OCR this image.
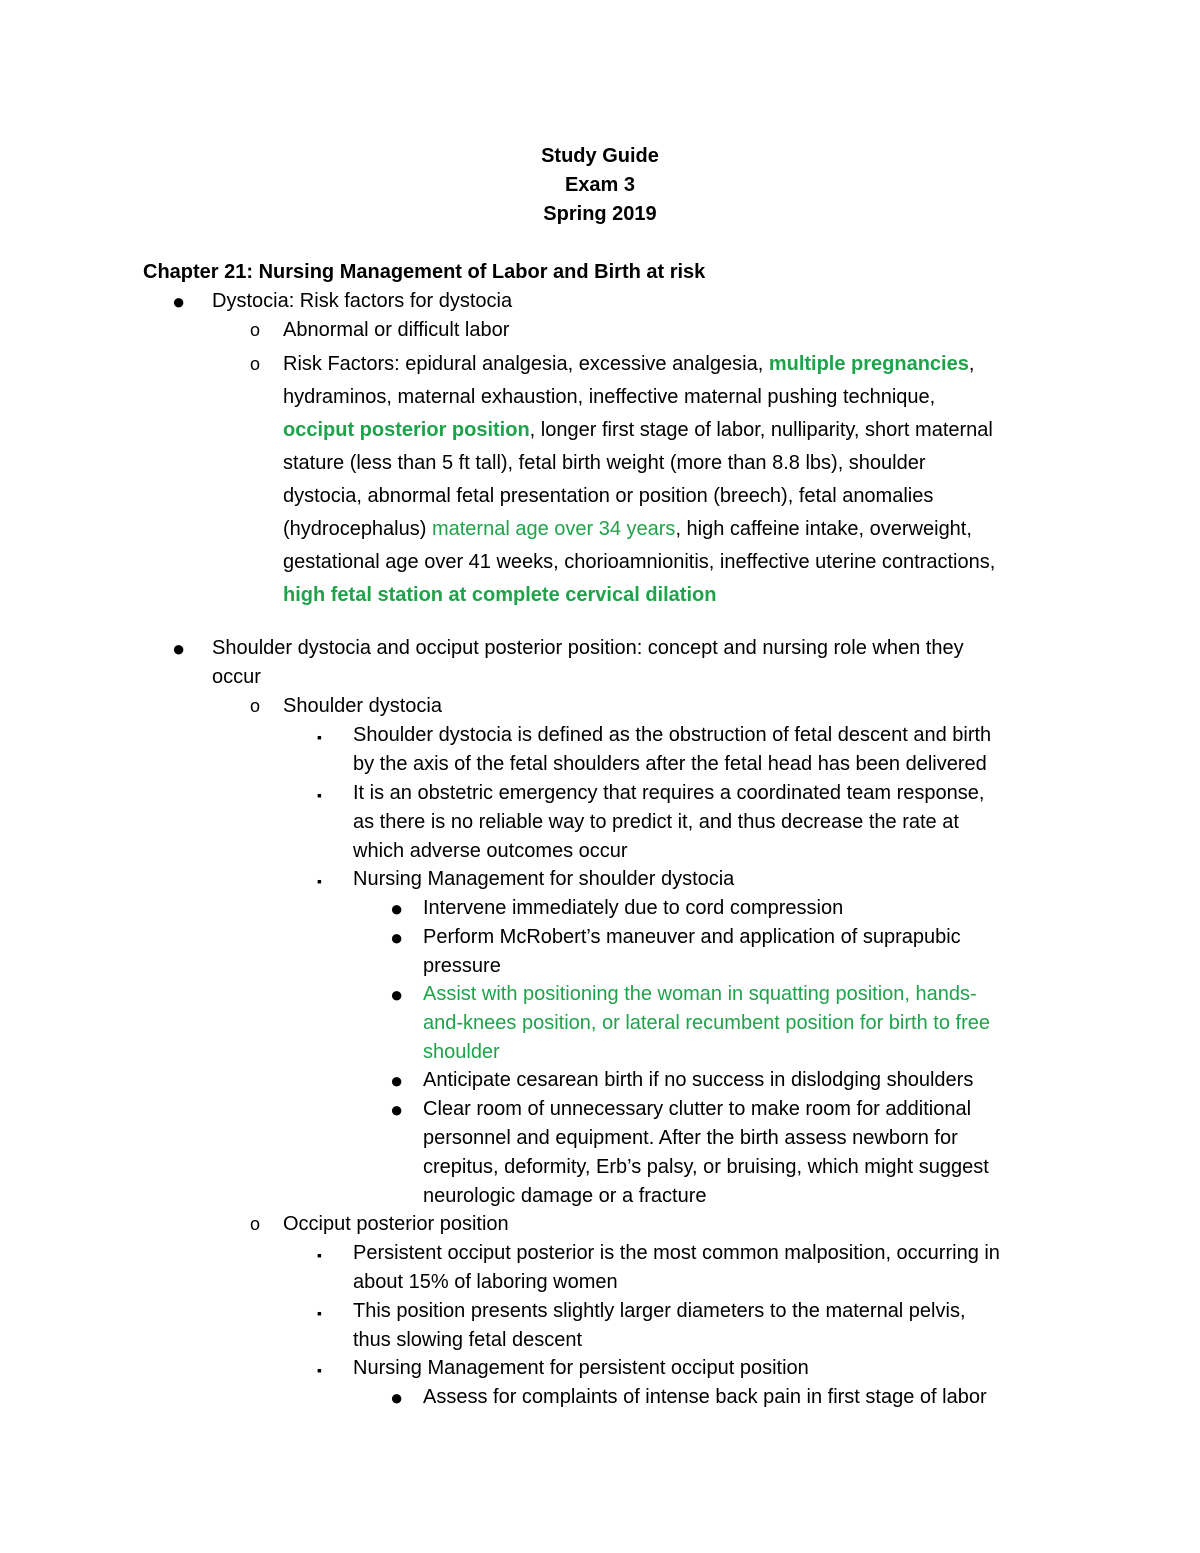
Study Guide
Exam 3
Spring 2019
Chapter 21: Nursing Management of Labor and Birth at risk
● Dystocia: Risk factors for dystocia
o Abnormal or difficult labor
o Risk Factors: epidural analgesia, excessive analgesia, multiple pregnancies,
hydraminos, maternal exhaustion, ineffective maternal pushing technique,
occiput posterior position, longer first stage of labor, nulliparity, short maternal
stature (less than 5 ft tall), fetal birth weight (more than 8.8 lbs), shoulder
dystocia, abnormal fetal presentation or position (breech), fetal anomalies
(hydrocephalus) maternal age over 34 years, high caffeine intake, overweight,
gestational age over 41 weeks, chorioamnionitis, ineffective uterine contractions,
high fetal station at complete cervical dilation
● Shoulder dystocia and occiput posterior position: concept and nursing role when they
occur
o Shoulder dystocia
▪ Shoulder dystocia is defined as the obstruction of fetal descent and birth
by the axis of the fetal shoulders after the fetal head has been delivered
▪ It is an obstetric emergency that requires a coordinated team response,
as there is no reliable way to predict it, and thus decrease the rate at
which adverse outcomes occur
▪ Nursing Management for shoulder dystocia
● Intervene immediately due to cord compression
● Perform McRobert’s maneuver and application of suprapubic
pressure
● Assist with positioning the woman in squatting position, hands-
and-knees position, or lateral recumbent position for birth to free
shoulder
● Anticipate cesarean birth if no success in dislodging shoulders
● Clear room of unnecessary clutter to make room for additional
personnel and equipment. After the birth assess newborn for
crepitus, deformity, Erb’s palsy, or bruising, which might suggest
neurologic damage or a fracture
o Occiput posterior position
▪ Persistent occiput posterior is the most common malposition, occurring in
about 15% of laboring women
▪ This position presents slightly larger diameters to the maternal pelvis,
thus slowing fetal descent
▪ Nursing Management for persistent occiput position
● Assess for complaints of intense back pain in first stage of labor
